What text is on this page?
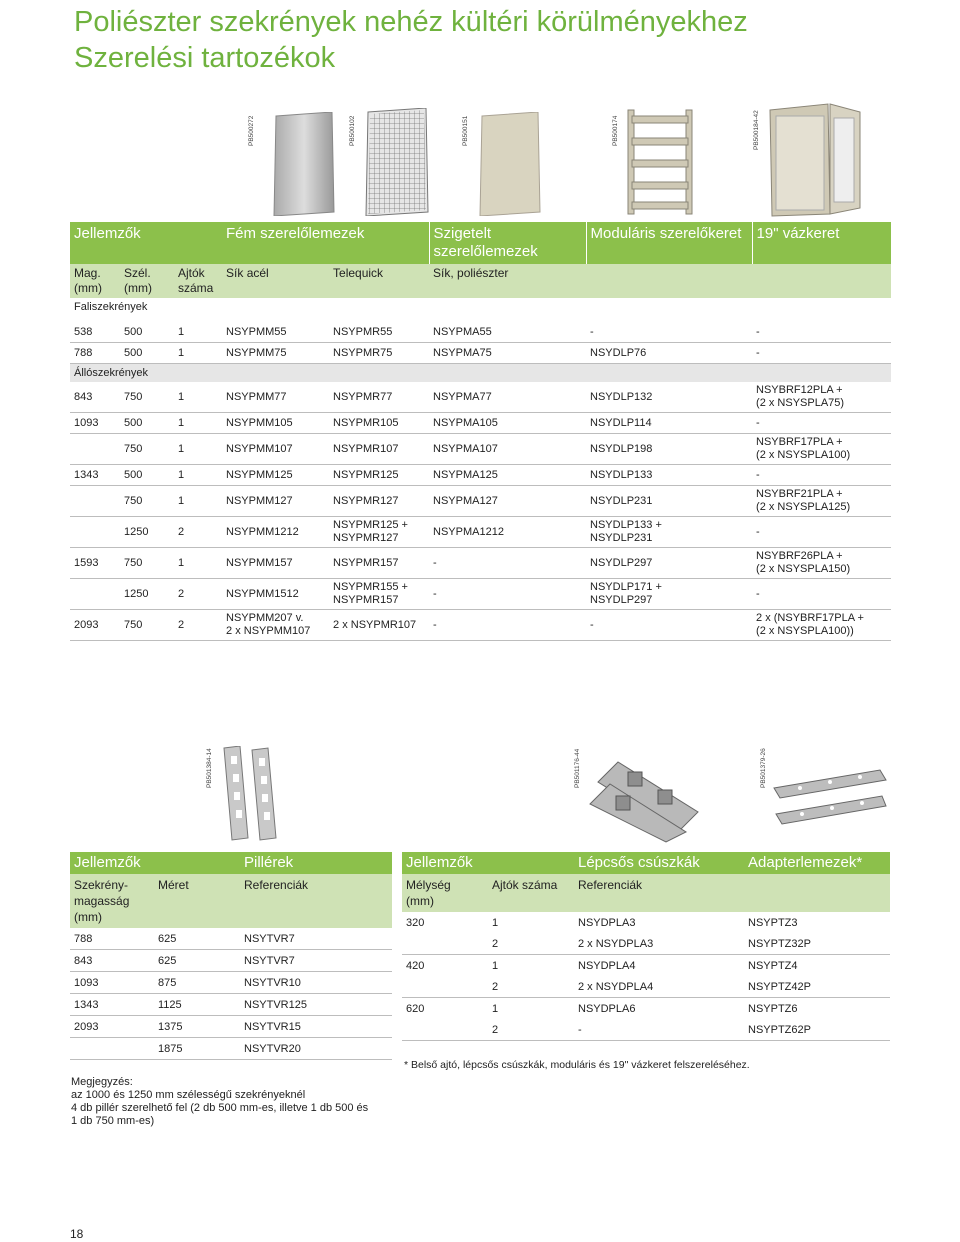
Poliészter szekrények nehéz kültéri körülményekhez
Szerelési tartozékok
PB500272	PB500102	PB500151	PB500174	PB500184-42
Jellemzők			Fém szerelőlemezek		Szigetelt szerelőlemezek	Moduláris szerelőkeret	19" vázkeret
Mag. (mm)	Szél. (mm)	Ajtók száma	Sík acél	Telequick	Sík, poliészter		
Faliszekrények							

538	500	1	NSYPMM55	NSYPMR55	NSYPMA55	-	-
788	500	1	NSYPMM75	NSYPMR75	NSYPMA75	NSYDLP76	-
Állószekrények							
843	750	1	NSYPMM77	NSYPMR77	NSYPMA77	NSYDLP132	NSYBRF12PLA +
(2 x NSYSPLA75)
1093	500	1	NSYPMM105	NSYPMR105	NSYPMA105	NSYDLP114	-
	750	1	NSYPMM107	NSYPMR107	NSYPMA107	NSYDLP198	NSYBRF17PLA +
(2 x NSYSPLA100)
1343	500	1	NSYPMM125	NSYPMR125	NSYPMA125	NSYDLP133	-
	750	1	NSYPMM127	NSYPMR127	NSYPMA127	NSYDLP231	NSYBRF21PLA +
(2 x NSYSPLA125)
	1250	2	NSYPMM1212	NSYPMR125 +
NSYPMR127	NSYPMA1212	NSYDLP133 +
NSYDLP231	-
1593	750	1	NSYPMM157	NSYPMR157	-	NSYDLP297	NSYBRF26PLA +
(2 x NSYSPLA150)
	1250	2	NSYPMM1512	NSYPMR155 +
NSYPMR157	-	NSYDLP171 +
NSYDLP297	-
2093	750	2	NSYPMM207 v.
2 x NSYPMM107	2 x NSYPMR107	-	-	2 x (NSYBRF17PLA +
(2 x NSYSPLA100))
PB501384-14	PB501176-44	PB501379-26
Jellemzők		Pillérek
Szekrény-
magasság
(mm)	Méret	Referenciák
788	625	NSYTVR7
843	625	NSYTVR7
1093	875	NSYTVR10
1343	1125	NSYTVR125
2093	1375	NSYTVR15
	1875	NSYTVR20
Megjegyzés:
az 1000 és 1250 mm szélességű szekrényeknél
4 db pillér szerelhető fel (2 db 500 mm-es, illetve 1 db 500 és
1 db 750 mm-es)
Jellemzők		Lépcsős csúszkák	Adapterlemezek*
Mélység
(mm)	Ajtók száma	Referenciák	
320	1	NSYDPLA3	NSYPTZ3
	2	2 x NSYDPLA3	NSYPTZ32P
420	1	NSYDPLA4	NSYPTZ4
	2	2 x NSYDPLA4	NSYPTZ42P
620	1	NSYDPLA6	NSYPTZ6
	2	-	NSYPTZ62P
* Belső ajtó, lépcsős csúszkák, moduláris és 19" vázkeret felszereléséhez.
18
